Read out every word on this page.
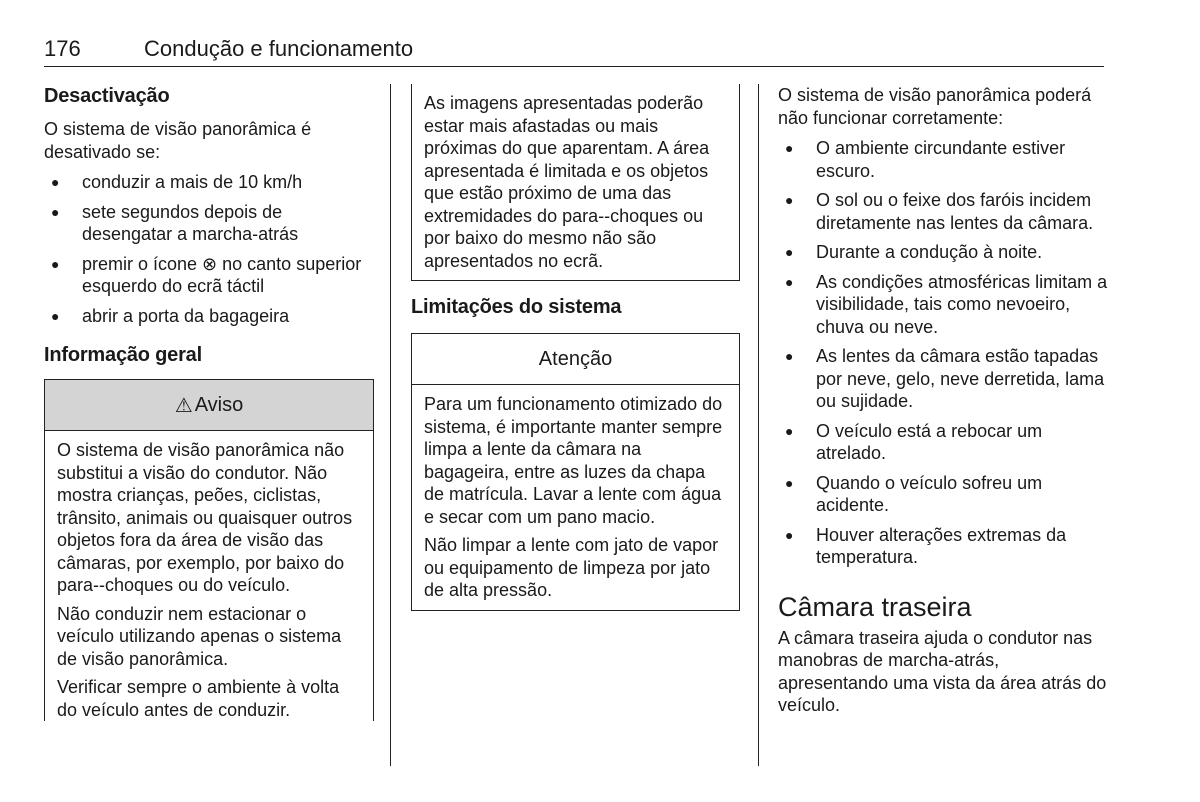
176	Condução e funcionamento
Desactivação
O sistema de visão panorâmica é desativado se:
● conduzir a mais de 10 km/h
● sete segundos depois de desengatar a marcha-atrás
● premir o ícone ⊗ no canto superior esquerdo do ecrã táctil
● abrir a porta da bagageira
Informação geral
⚠ Aviso
O sistema de visão panorâmica não substitui a visão do condutor. Não mostra crianças, peões, ciclistas, trânsito, animais ou quaisquer outros objetos fora da área de visão das câmaras, por exemplo, por baixo do para--choques ou do veículo.
Não conduzir nem estacionar o veículo utilizando apenas o sistema de visão panorâmica.
Verificar sempre o ambiente à volta do veículo antes de conduzir.
As imagens apresentadas poderão estar mais afastadas ou mais próximas do que aparentam. A área apresentada é limitada e os objetos que estão próximo de uma das extremidades do para--choques ou por baixo do mesmo não são apresentados no ecrã.
Limitações do sistema
Atenção
Para um funcionamento otimizado do sistema, é importante manter sempre limpa a lente da câmara na bagageira, entre as luzes da chapa de matrícula. Lavar a lente com água e secar com um pano macio.
Não limpar a lente com jato de vapor ou equipamento de limpeza por jato de alta pressão.
O sistema de visão panorâmica poderá não funcionar corretamente:
● O ambiente circundante estiver escuro.
● O sol ou o feixe dos faróis incidem diretamente nas lentes da câmara.
● Durante a condução à noite.
● As condições atmosféricas limitam a visibilidade, tais como nevoeiro, chuva ou neve.
● As lentes da câmara estão tapadas por neve, gelo, neve derretida, lama ou sujidade.
● O veículo está a rebocar um atrelado.
● Quando o veículo sofreu um acidente.
● Houver alterações extremas da temperatura.
Câmara traseira
A câmara traseira ajuda o condutor nas manobras de marcha-atrás, apresentando uma vista da área atrás do veículo.
